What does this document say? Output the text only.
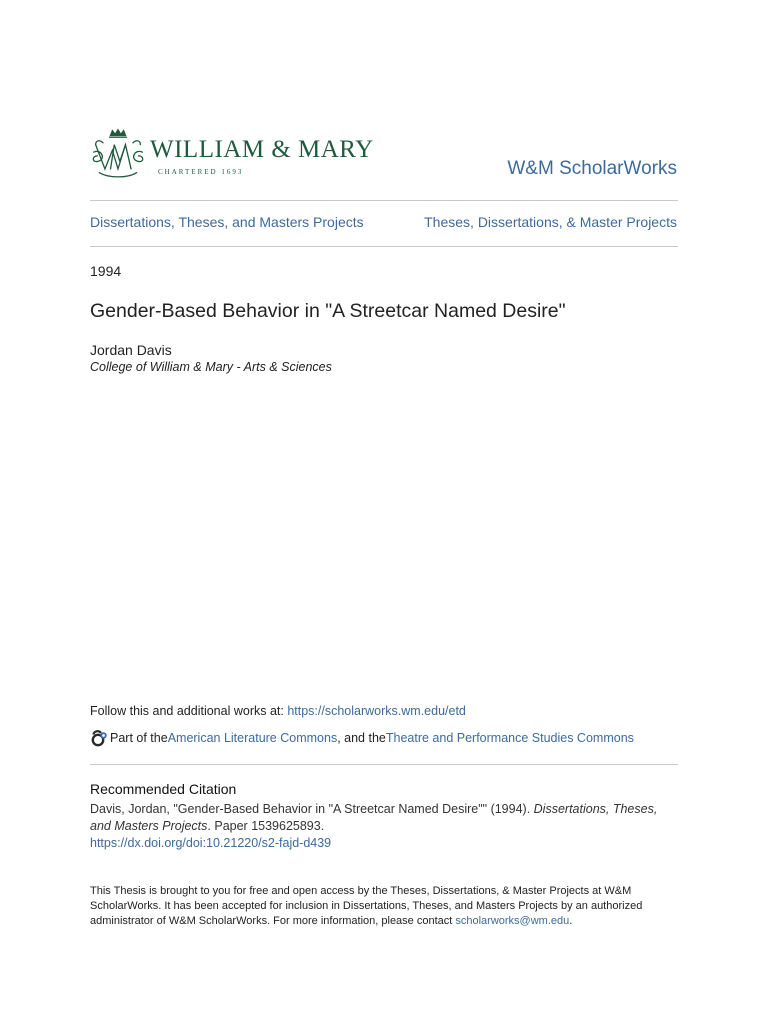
WILLIAM & MARY
CHARTERED 1693	W&M ScholarWorks
Dissertations, Theses, and Masters Projects	Theses, Dissertations, & Master Projects
1994
Gender-Based Behavior in "A Streetcar Named Desire"
Jordan Davis
College of William & Mary - Arts & Sciences
Follow this and additional works at: https://scholarworks.wm.edu/etd
Part of the American Literature Commons , and the Theatre and Performance Studies Commons
Recommended Citation
Davis, Jordan, "Gender-Based Behavior in "A Streetcar Named Desire"" (1994). Dissertations, Theses, and Masters Projects. Paper 1539625893.
https://dx.doi.org/doi:10.21220/s2-fajd-d439
This Thesis is brought to you for free and open access by the Theses, Dissertations, & Master Projects at W&M ScholarWorks. It has been accepted for inclusion in Dissertations, Theses, and Masters Projects by an authorized administrator of W&M ScholarWorks. For more information, please contact scholarworks@wm.edu.
